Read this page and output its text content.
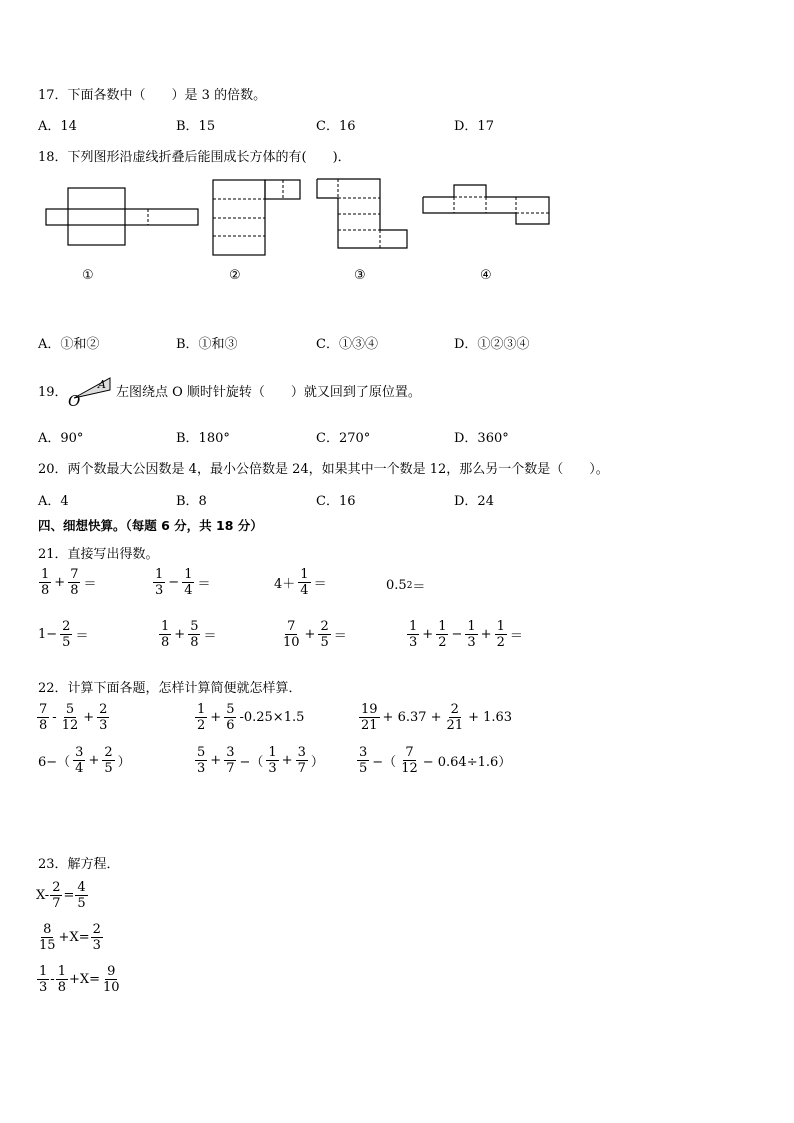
17．下面各数中（　　）是 3 的倍数。
A．14	B．15	C．16	D．17
18．下列图形沿虚线折叠后能围成长方体的有(　　)．
①	②	③	④
A．①和②	B．①和③	C．①③④	D．①②③④
19． O
A
左图绕点 O 顺时针旋转（　　）就又回到了原位置。
A．90°	B．180°	C．270°	D．360°
20．两个数最大公因数是 4，最小公倍数是 24，如果其中一个数是 12，那么另一个数是（　　）。
A．4	B．8	C．16	D．24
四、细想快算。（每题 6 分，共 18 分）
21．直接写出得数。
$\frac{1}{8} + \frac{7}{8}$ ＝	$\frac{1}{3} - \frac{1}{4}$ ＝	$4+ \frac{1}{4}$ ＝	0.5 2 ＝
$1- \frac{2}{5}$ ＝	$\frac{1}{8} + \frac{5}{8}$ ＝	$\frac{7}{10} + \frac{2}{5}$ ＝	$\frac{1}{3} + \frac{1}{2} - \frac{1}{3} + \frac{1}{2}$ ＝
22．计算下面各题，怎样计算简便就怎样算．
$\frac{7}{8} - \frac{5}{12} + \frac{2}{3}$	$\frac{1}{2} + \frac{5}{6} -0.25\times 1.5$	$\frac{19}{21} + 6.37 + \frac{2}{21} + 1.63$
$6-( \frac{3}{4} + \frac{2}{5}$ ）	$\frac{5}{3} + \frac{3}{7}$ −（ $\frac{1}{3} + \frac{3}{7}$ ）	$\frac{3}{5}$ −（ $\frac{7}{12} - 0.64\div 1.6$）
23．解方程．
$X- \frac{2}{7} = \frac{4}{5}$
$\frac{8}{15} +X= \frac{2}{3}$
$\frac{1}{3} - \frac{1}{8} +X= \frac{9}{10}$
